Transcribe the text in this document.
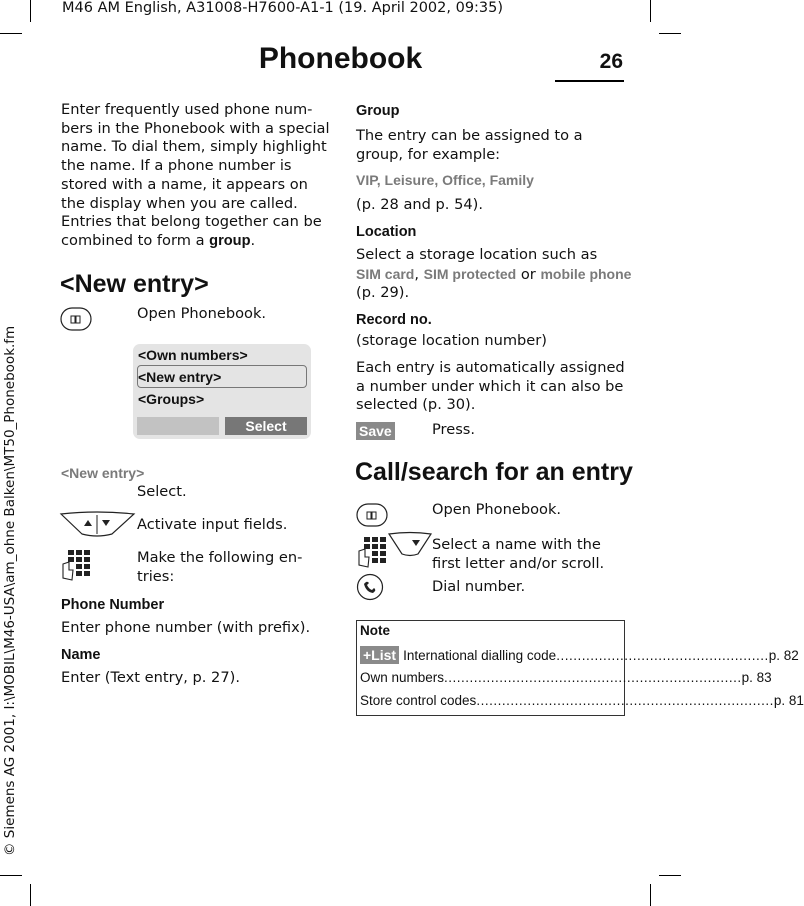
M46 AM English, A31008-H7600-A1-1 (19. April 2002, 09:35)
Phonebook	26
© Siemens AG 2001, I:\MOBIL\M46-USA\am_ohne Balken\MT50_Phonebook.fm
Enter frequently used phone num-
bers in the Phonebook with a special
name. To dial them, simply highlight
the name. If a phone number is
stored with a name, it appears on
the display when you are called.
Entries that belong together can be
combined to form a group.
<New entry>
Open Phonebook.
<Own numbers>
<New entry>
<Groups>
Select
<New entry>
Select.
Activate input fields.
Make the following en-
tries:
Phone Number
Enter phone number (with prefix).
Name
Enter (Text entry, p. 27).
Group
The entry can be assigned to a
group, for example:
VIP, Leisure, Office, Family
(p. 28 and p. 54).
Location
Select a storage location such as
SIM card, SIM protected or mobile phone
(p. 29).
Record no.
(storage location number)
Each entry is automatically assigned
a number under which it can also be
selected (p. 30).
Save	Press.
Call/search for an entry
Open Phonebook.
Select a name with the
first letter and/or scroll.
Dial number.
Note
+List International dialling code .................................................. p. 82
Own numbers ...................................................................... p. 83
Store control codes ...................................................................... p. 81
